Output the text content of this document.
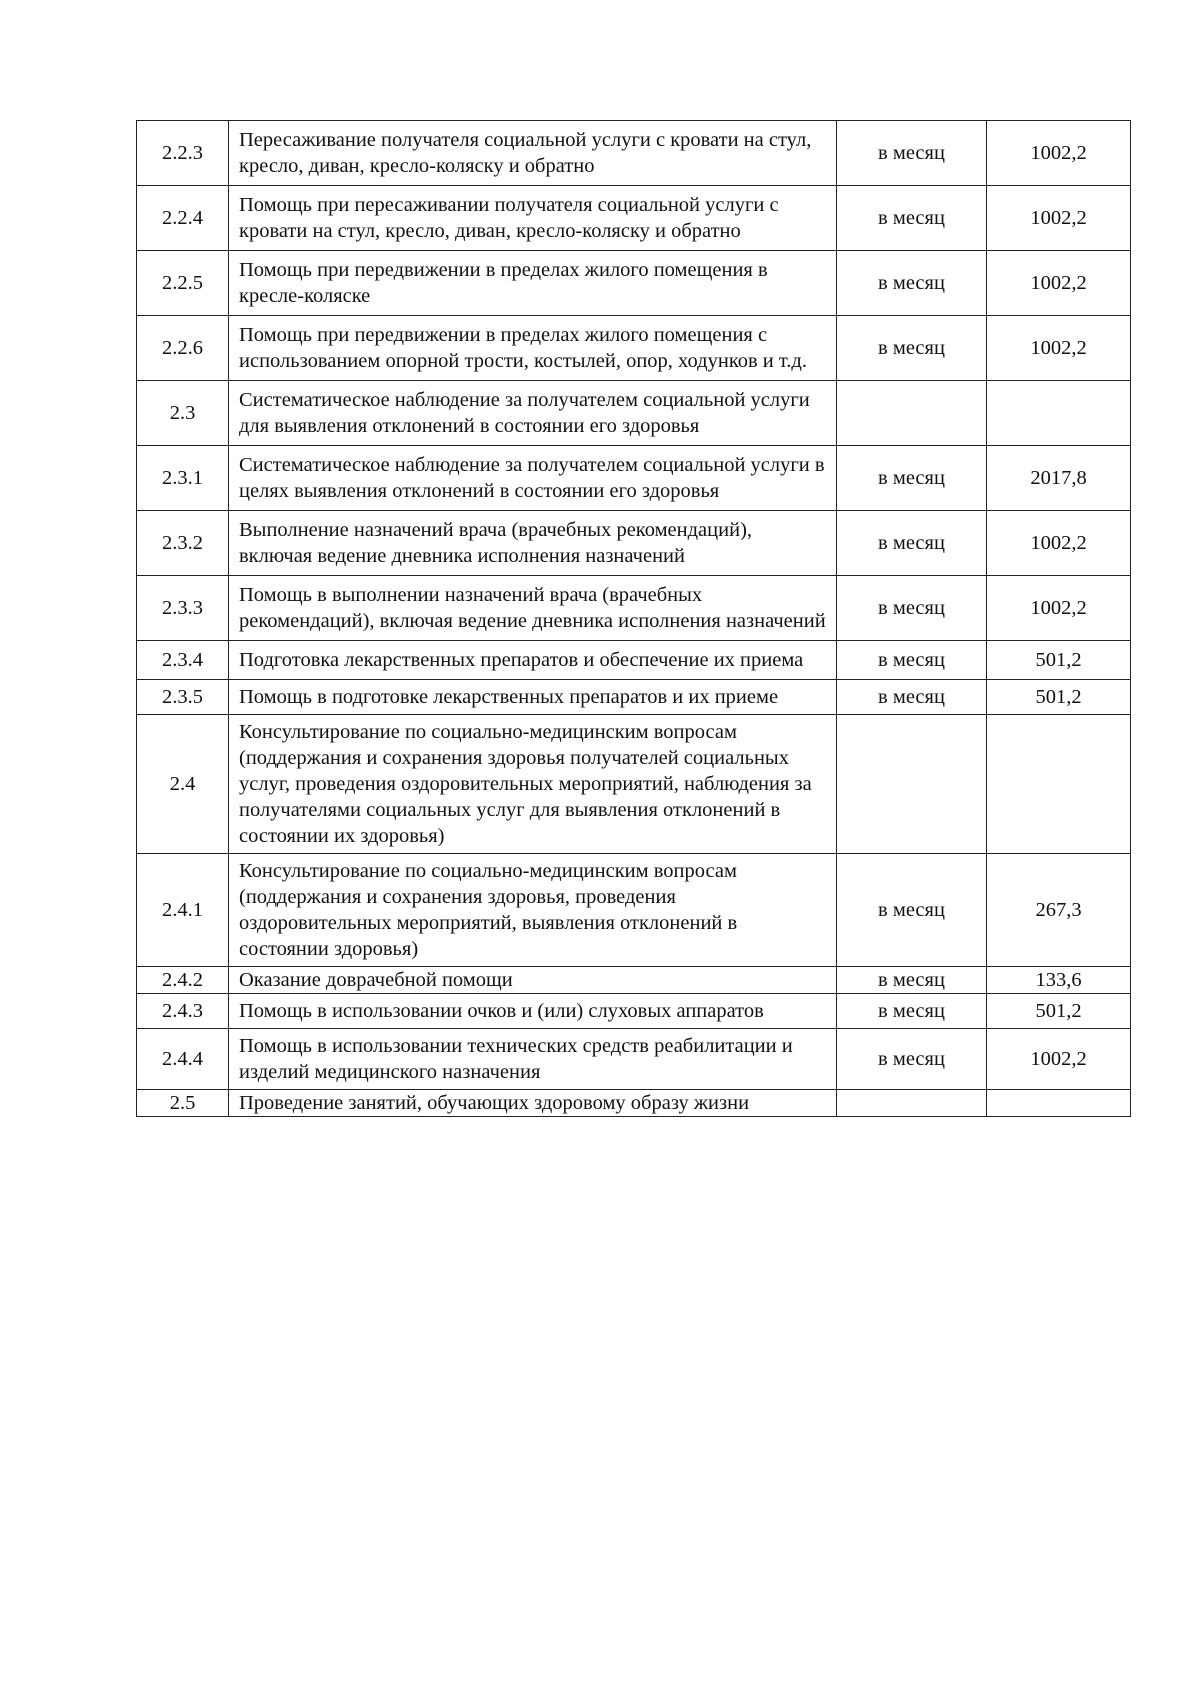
2.2.3	Пересаживание получателя социальной услуги с кровати на стул, кресло, диван, кресло-коляску и обратно	в месяц	1002,2
2.2.4	Помощь при пересаживании получателя социальной услуги с кровати на стул, кресло, диван, кресло-коляску и обратно	в месяц	1002,2
2.2.5	Помощь при передвижении в пределах жилого помещения в кресле-коляске	в месяц	1002,2
2.2.6	Помощь при передвижении в пределах жилого помещения с использованием опорной трости, костылей, опор, ходунков и т.д.	в месяц	1002,2
2.3	Систематическое наблюдение за получателем социальной услуги для выявления отклонений в состоянии его здоровья		
2.3.1	Систематическое наблюдение за получателем социальной услуги в целях выявления отклонений в состоянии его здоровья	в месяц	2017,8
2.3.2	Выполнение назначений врача (врачебных рекомендаций), включая ведение дневника исполнения назначений	в месяц	1002,2
2.3.3	Помощь в выполнении назначений врача (врачебных рекомендаций), включая ведение дневника исполнения назначений	в месяц	1002,2
2.3.4	Подготовка лекарственных препаратов и обеспечение их приема	в месяц	501,2
2.3.5	Помощь в подготовке лекарственных препаратов и их приеме	в месяц	501,2
2.4	Консультирование по социально-медицинским вопросам (поддержания и сохранения здоровья получателей социальных услуг, проведения оздоровительных мероприятий, наблюдения за получателями социальных услуг для выявления отклонений в состоянии их здоровья)		
2.4.1	Консультирование по социально-медицинским вопросам (поддержания и сохранения здоровья, проведения оздоровительных мероприятий, выявления отклонений в состоянии здоровья)	в месяц	267,3
2.4.2	Оказание доврачебной помощи	в месяц	133,6
2.4.3	Помощь в использовании очков и (или) слуховых аппаратов	в месяц	501,2
2.4.4	Помощь в использовании технических средств реабилитации и изделий медицинского назначения	в месяц	1002,2
2.5	Проведение занятий, обучающих здоровому образу жизни		
